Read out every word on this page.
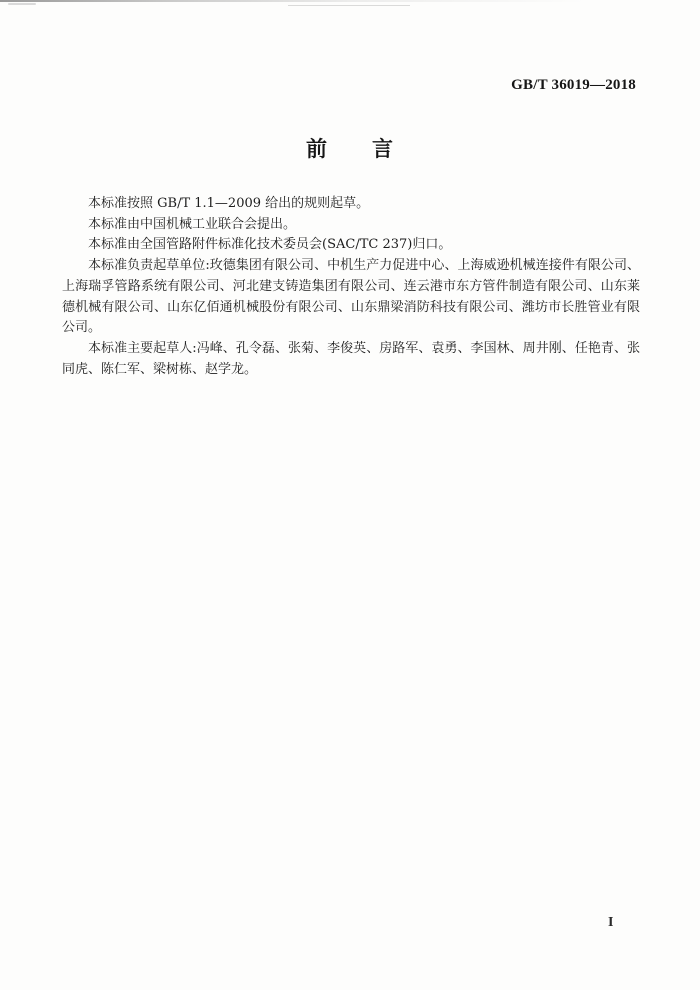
GB/T 36019—2018
前　　言

本标准按照 GB/T 1.1—2009 给出的规则起草。

本标准由中国机械工业联合会提出。

本标准由全国管路附件标准化技术委员会(SAC/TC 237)归口。

本标准负责起草单位:玫德集团有限公司、中机生产力促进中心、上海威逊机械连接件有限公司、上海瑞孚管路系统有限公司、河北建支铸造集团有限公司、连云港市东方管件制造有限公司、山东莱德机械有限公司、山东亿佰通机械股份有限公司、山东鼎梁消防科技有限公司、潍坊市长胜管业有限公司。

本标准主要起草人:冯峰、孔令磊、张菊、李俊英、房路军、袁勇、李国林、周井刚、任艳青、张同虎、陈仁军、梁树栋、赵学龙。

I
